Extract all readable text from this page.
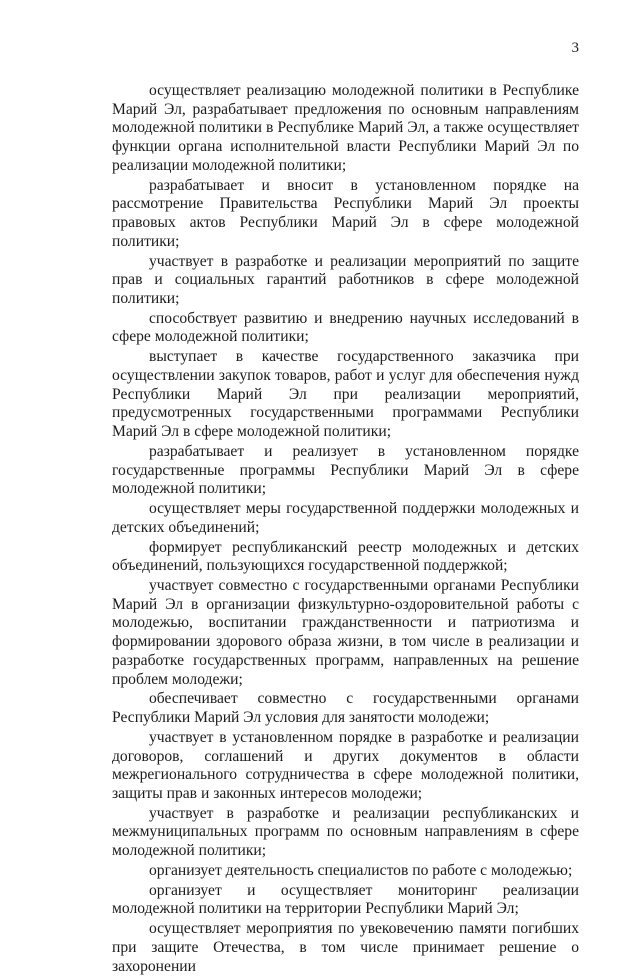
3

осуществляет реализацию молодежной политики в Республике Марий Эл, разрабатывает предложения по основным направлениям молодежной политики в Республике Марий Эл, а также осуществляет функции органа исполнительной власти Республики Марий Эл по реализации молодежной политики;

разрабатывает и вносит в установленном порядке на рассмотрение Правительства Республики Марий Эл проекты правовых актов Республики Марий Эл в сфере молодежной политики;

участвует в разработке и реализации мероприятий по защите прав и социальных гарантий работников в сфере молодежной политики;

способствует развитию и внедрению научных исследований в сфере молодежной политики;

выступает в качестве государственного заказчика при осуществлении закупок товаров, работ и услуг для обеспечения нужд Республики Марий Эл при реализации мероприятий, предусмотренных государственными программами Республики Марий Эл в сфере молодежной политики;

разрабатывает и реализует в установленном порядке государственные программы Республики Марий Эл в сфере молодежной политики;

осуществляет меры государственной поддержки молодежных и детских объединений;

формирует республиканский реестр молодежных и детских объединений, пользующихся государственной поддержкой;

участвует совместно с государственными органами Республики Марий Эл в организации физкультурно-оздоровительной работы с молодежью, воспитании гражданственности и патриотизма и формировании здорового образа жизни, в том числе в реализации и разработке государственных программ, направленных на решение проблем молодежи;

обеспечивает совместно с государственными органами Республики Марий Эл условия для занятости молодежи;

участвует в установленном порядке в разработке и реализации договоров, соглашений и других документов в области межрегионального сотрудничества в сфере молодежной политики, защиты прав и законных интересов молодежи;

участвует в разработке и реализации республиканских и межмуниципальных программ по основным направлениям в сфере молодежной политики;

организует деятельность специалистов по работе с молодежью;

организует и осуществляет мониторинг реализации молодежной политики на территории Республики Марий Эл;

осуществляет мероприятия по увековечению памяти погибших при защите Отечества, в том числе принимает решение о захоронении
